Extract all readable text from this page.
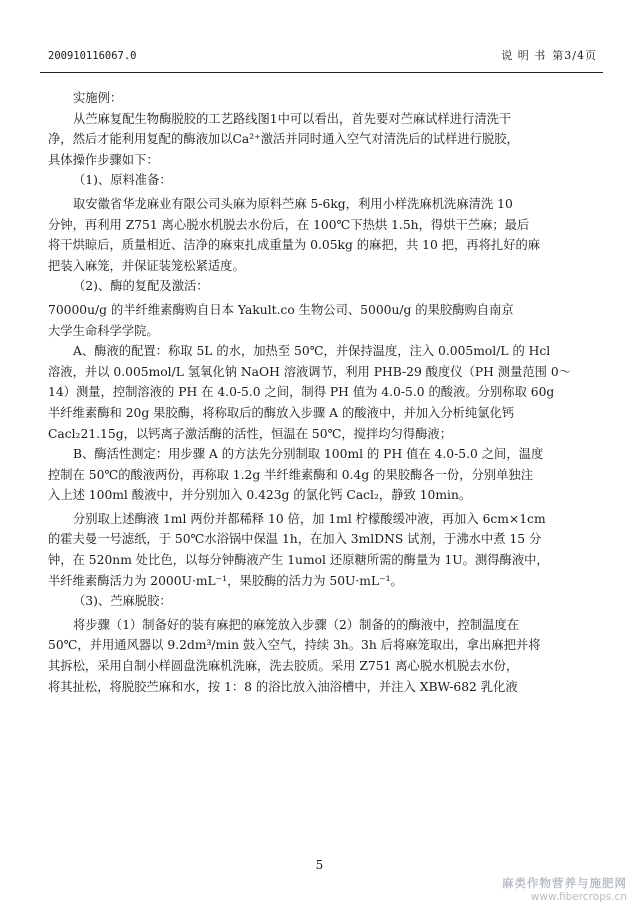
200910116067.0	说 明 书 第3/4页
实施例：
从苎麻复配生物酶脱胶的工艺路线图1中可以看出，首先要对苎麻试样进行清洗干
净，然后才能利用复配的酶液加以Ca²⁺激活并同时通入空气对清洗后的试样进行脱胶，
具体操作步骤如下：
（1)、原料准备：
取安徽省华龙麻业有限公司头麻为原料苎麻 5-6kg，利用小样洗麻机洗麻清洗 10
分钟，再利用 Z751 离心脱水机脱去水份后，在 100℃下热烘 1.5h，得烘干苎麻；最后
将干烘晾后，质量相近、洁净的麻束扎成重量为 0.05kg 的麻把，共 10 把，再将扎好的麻
把装入麻笼，并保证装笼松紧适度。
（2)、酶的复配及激活：
70000u/g 的半纤维素酶购自日本 Yakult.co 生物公司、5000u/g 的果胶酶购自南京
大学生命科学学院。
A、酶液的配置：称取 5L 的水，加热至 50℃，并保持温度，注入 0.005mol/L 的 Hcl
溶液，并以 0.005mol/L 氢氧化钠 NaOH 溶液调节，利用 PHB-29 酸度仪（PH 测量范围 0～
14）测量，控制溶液的 PH 在 4.0-5.0 之间，制得 PH 值为 4.0-5.0 的酸液。分别称取 60g
半纤维素酶和 20g 果胶酶，将称取后的酶放入步骤 A 的酸液中，并加入分析纯氯化钙
Cacl₂21.15g，以钙离子激活酶的活性，恒温在 50℃，搅拌均匀得酶液；
B、酶活性测定：用步骤 A 的方法先分别制取 100ml 的 PH 值在 4.0-5.0 之间，温度
控制在 50℃的酸液两份，再称取 1.2g 半纤维素酶和 0.4g 的果胶酶各一份，分别单独注
入上述 100ml 酸液中，并分别加入 0.423g 的氯化钙 Cacl₂，静致 10min。
分别取上述酶液 1ml 两份并都稀释 10 倍，加 1ml 柠檬酸缓冲液，再加入 6cm×1cm
的霍夫曼一号滤纸，于 50℃水浴锅中保温 1h，在加入 3mlDNS 试剂，于沸水中煮 15 分
钟，在 520nm 处比色，以每分钟酶液产生 1umol 还原糖所需的酶量为 1U。测得酶液中，
半纤维素酶活力为 2000U·mL⁻¹，果胶酶的活力为 50U·mL⁻¹。
（3)、苎麻脱胶：
将步骤（1）制备好的装有麻把的麻笼放入步骤（2）制备的的酶液中，控制温度在
50℃，并用通风器以 9.2dm³/min 鼓入空气，持续 3h。3h 后将麻笼取出，拿出麻把并将
其拆松，采用自制小样圆盘洗麻机洗麻，洗去胶质。采用 Z751 离心脱水机脱去水份，
将其扯松，将脱胶苎麻和水，按 1：8 的浴比放入油浴槽中，并注入 XBW-682 乳化液
5
麻类作物营养与施肥网
www.fibercrops.cn
